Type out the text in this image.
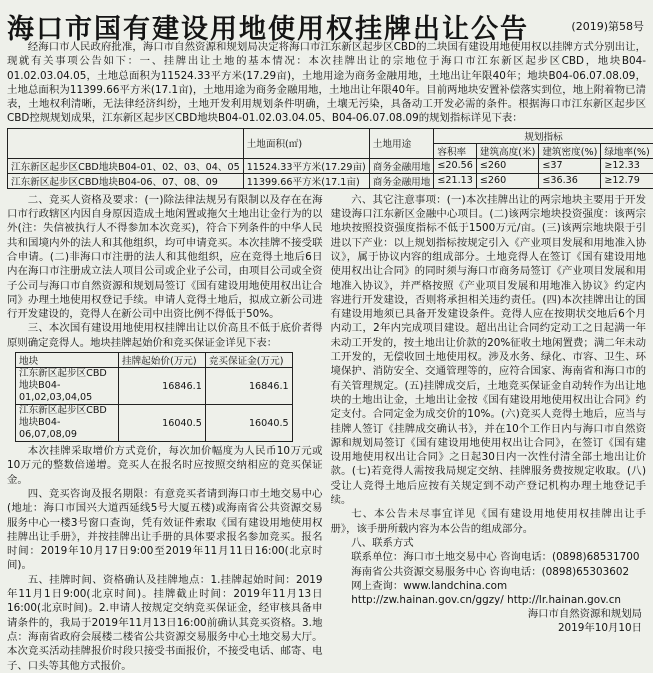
海口市国有建设用地使用权挂牌出让公告	(2019)第58号

经海口市人民政府批准，海口市自然资源和规划局决定将海口市江东新区起步区CBD的二块国有建设用地使用权以挂牌方式分别出让，现就有关事项公告如下：一、挂牌出让土地的基本情况：本次挂牌出让的宗地位于海口市江东新区起步区CBD，地块B04-01.02.03.04.05，土地总面积为11524.33平方米(17.29亩)，土地用途为商务金融用地，土地出让年限40年；地块B04-06.07.08.09，土地总面积为11399.66平方米(17.1亩)，土地用途为商务金融用地，土地出让年限40年。目前两地块安置补偿落实到位，地上附着物已清表，土地权利清晰，无法律经济纠纷，土地开发利用规划条件明确，土壤无污染，具备动工开发必需的条件。根据海口市江东新区起步区CBD控规规划成果，江东新区起步区CBD地块B04-01.02.03.04.05、B04-06.07.08.09的规划指标详见下表：

	土地面积(㎡)	土地用途	规划指标			
			容积率	建筑高度(米)	建筑密度(%)	绿地率(%)
江东新区起步区CBD地块B04-01、02、03、04、05	11524.33平方米(17.29亩)	商务金融用地	≤20.56	≤260	≤37	≥12.33
江东新区起步区CBD地块B04-06、07、08、09	11399.66平方米(17.1亩)	商务金融用地	≤21.13	≤260	≤36.36	≥12.79

二、竞买人资格及要求：(一)除法律法规另有限制以及存在在海口市行政辖区内因自身原因造成土地闲置或拖欠土地出让金行为的以外(注：失信被执行人不得参加本次竞买)，符合下列条件的中华人民共和国境内外的法人和其他组织，均可申请竞买。本次挂牌不接受联合申请。(二)非海口市注册的法人和其他组织，应在竞得土地后6日内在海口市注册成立法人项目公司或企业子公司，由项目公司或全资子公司与海口市自然资源和规划局签订《国有建设用地使用权出让合同》办理土地使用权登记手续。申请人竞得土地后，拟成立新公司进行开发建设的，竞得人在新公司中出资比例不得低于50%。

三、本次国有建设用地使用权挂牌出让以价高且不低于底价者得原则确定竞得人。地块挂牌起始价和竞买保证金详见下表：

地块	挂牌起始价(万元)	竞买保证金(万元)
江东新区起步区CBD地块B04-01,02,03,04,05	16846.1	16846.1
江东新区起步区CBD地块B04-06,07,08,09	16040.5	16040.5

本次挂牌采取增价方式竞价，每次加价幅度为人民币10万元或10万元的整数倍递增。竞买人在报名时应按照交纳相应的竞买保证金。

四、竞买咨询及报名期限：有意竞买者请到海口市土地交易中心(地址：海口市国兴大道西延线5号大厦五楼)或海南省公共资源交易服务中心一楼3号窗口查询，凭有效证件索取《国有建设用地使用权挂牌出让手册》，并按挂牌出让手册的具体要求报名参加竞买。报名时间：2019年10月17日9:00至2019年11月11日16:00(北京时间)。

五、挂牌时间、资格确认及挂牌地点：1.挂牌起始时间：2019年11月1日9:00(北京时间)。挂牌截止时间：2019年11月13日16:00(北京时间)。2.申请人按规定交纳竞买保证金，经审核具备申请条件的，我局于2019年11月13日16:00前确认其竞买资格。3.地点：海南省政府会展楼二楼省公共资源交易服务中心土地交易大厅。本次竞买活动挂牌报价时段只接受书面报价，不接受电话、邮寄、电子、口头等其他方式报价。

六、其它注意事项：(一)本次挂牌出让的两宗地块主要用于开发建设海口江东新区金融中心项目。(二)该两宗地块投资强度：该两宗地块按照投资强度指标不低于1500万元/亩。(三)该两宗地块限于引进以下产业：以上规划指标按规定引入《产业项目发展和用地准入协议》，属于协议内容的组成部分。土地竞得人在签订《国有建设用地使用权出让合同》的同时须与海口市商务局签订《产业项目发展和用地准入协议》，并严格按照《产业项目发展和用地准入协议》约定内容进行开发建设，否则将承担相关违约责任。(四)本次挂牌出让的国有建设用地须已具备开发建设条件。竞得人应在按期状交地后6个月内动工，2年内完成项目建设。超出出让合同约定动工之日起满一年未动工开发的，按土地出让价款的20%征收土地闲置费；满二年未动工开发的，无偿收回土地使用权。涉及水务、绿化、市容、卫生、环境保护、消防安全、交通管理等的，应符合国家、海南省和海口市的有关管理规定。(五)挂牌成交后，土地竞买保证金自动转作为出让地块的土地出让金，土地出让金按《国有建设用地使用权出让合同》约定支付。合同定金为成交价的10%。(六)竞买人竞得土地后，应当与挂牌人签订《挂牌成交确认书》，并在10个工作日内与海口市自然资源和规划局签订《国有建设用地使用权出让合同》，在签订《国有建设用地使用权出让合同》之日起30日内一次性付清全部土地出让价款。(七)若竞得人需按我局规定交纳、挂牌服务费按规定收取。(八)受让人竞得土地后应按有关规定到不动产登记机构办理土地登记手续。

七、本公告未尽事宜详见《国有建设用地使用权挂牌出让手册》，该手册所载内容为本公告的组成部分。

八、联系方式

联系单位：海口市土地交易中心 咨询电话：(0898)68531700

海南省公共资源交易服务中心 咨询电话：(0898)65303602

网上查询：www.landchina.com

http://zw.hainan.gov.cn/ggzy/ http://lr.hainan.gov.cn

海口市自然资源和规划局
2019年10月10日
